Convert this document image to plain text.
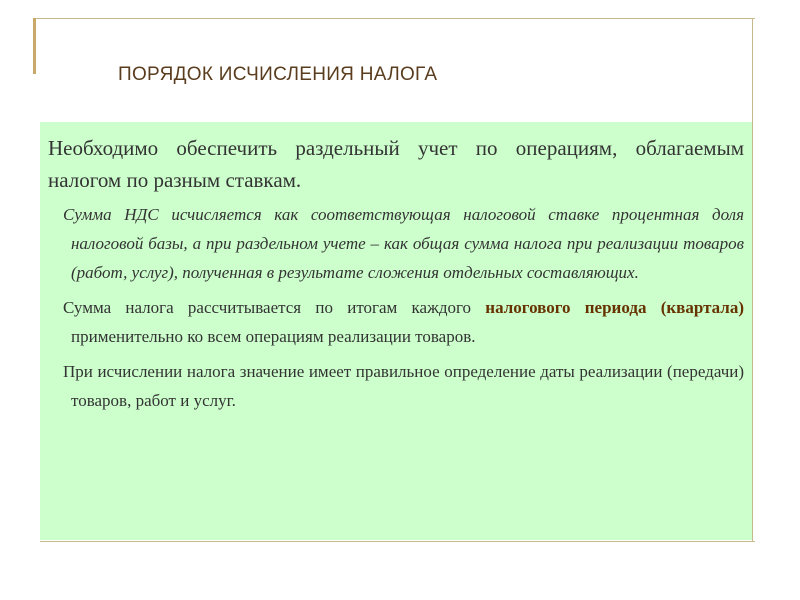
ПОРЯДОК ИСЧИСЛЕНИЯ НАЛОГА

Необходимо обеспечить раздельный учет по операциям, облагаемым налогом по разным ставкам.

Сумма НДС исчисляется как соответствующая налоговой ставке процентная доля налоговой базы, а при раздельном учете – как общая сумма налога при реализации товаров (работ, услуг), полученная в результате сложения отдельных составляющих.

Сумма налога рассчитывается по итогам каждого налогового периода (квартала) применительно ко всем операциям реализации товаров.

При исчислении налога значение имеет правильное определение даты реализации (передачи) товаров, работ и услуг.
